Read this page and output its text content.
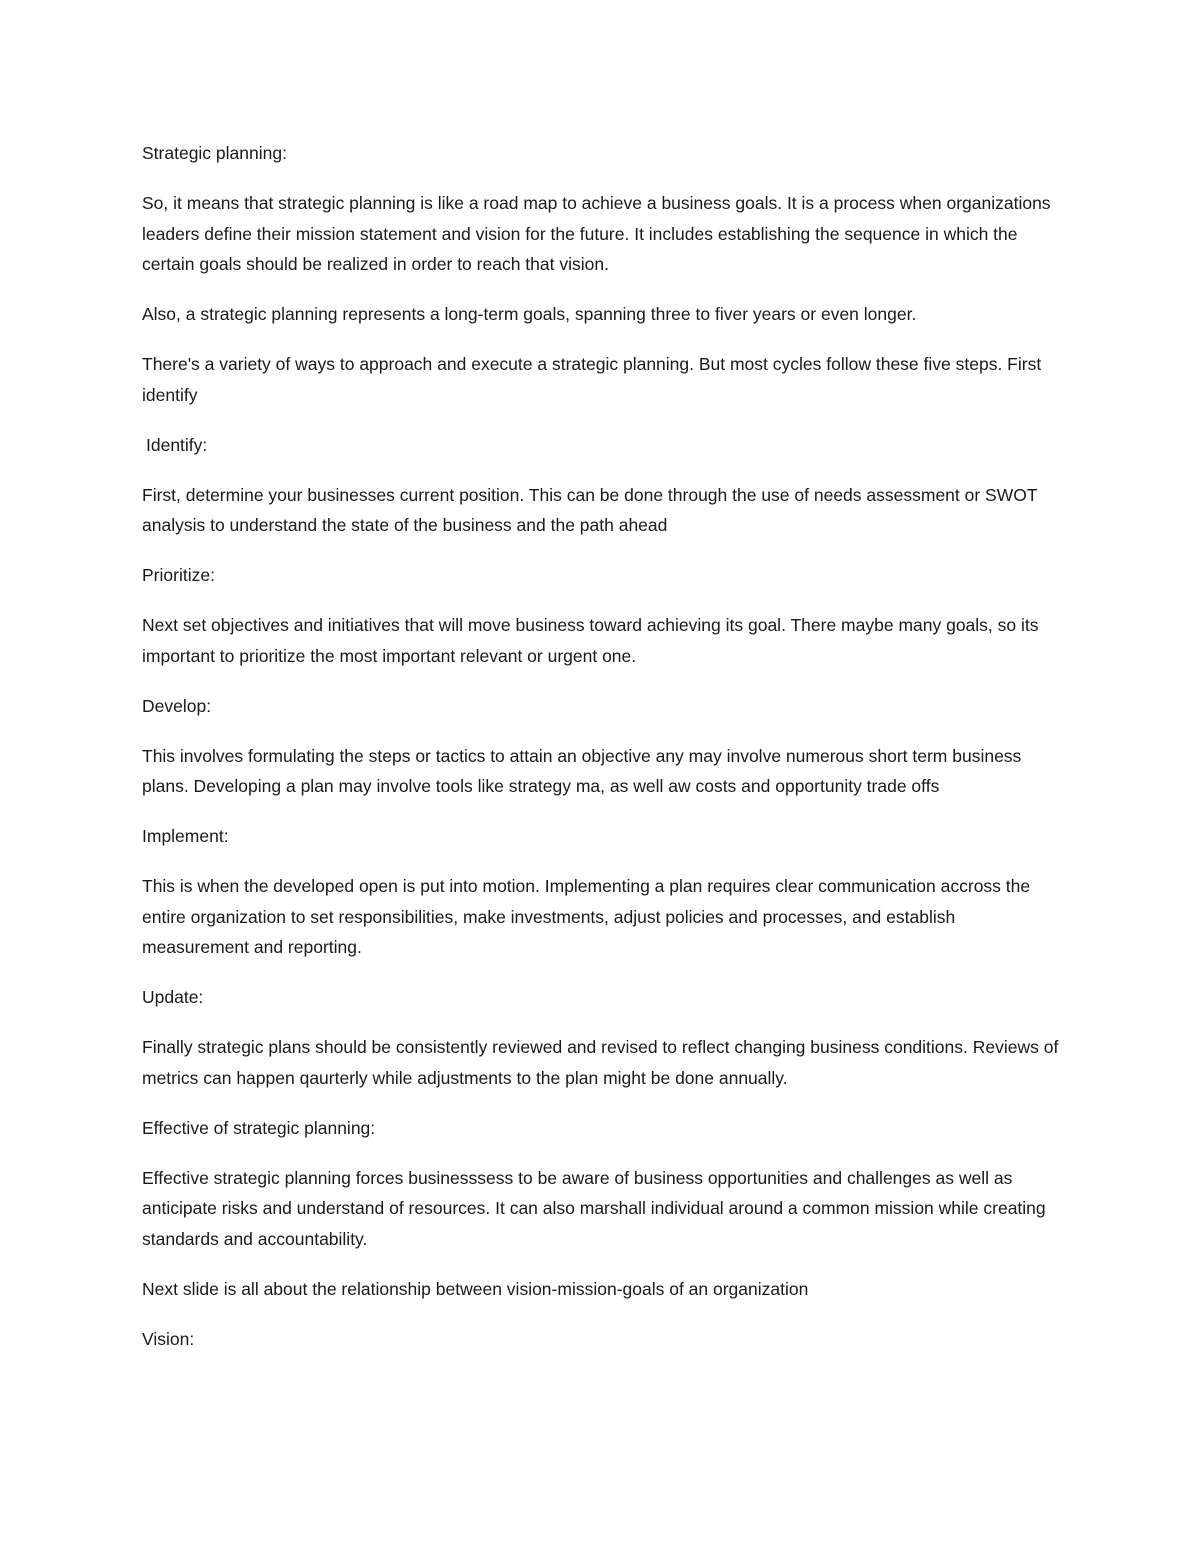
Strategic planning:

So, it means that strategic planning is like a road map to achieve a business goals. It is a process when organizations leaders define their mission statement and vision for the future. It includes establishing the sequence in which the certain goals should be realized in order to reach that vision.

Also, a strategic planning represents a long-term goals, spanning three to fiver years or even longer.

There's a variety of ways to approach and execute a strategic planning. But most cycles follow these five steps. First identify

Identify:

First, determine your businesses current position. This can be done through the use of needs assessment or SWOT analysis to understand the state of the business and the path ahead

Prioritize:

Next set objectives and initiatives that will move business toward achieving its goal. There maybe many goals, so its important to prioritize the most important relevant or urgent one.

Develop:

This involves formulating the steps or tactics to attain an objective any may involve numerous short term business plans. Developing a plan may involve tools like strategy ma, as well aw costs and opportunity trade offs

Implement:

This is when the developed open is put into motion. Implementing a plan requires clear communication accross the entire organization to set responsibilities, make investments, adjust policies and processes, and establish measurement and reporting.

Update:

Finally strategic plans should be consistently reviewed and revised to reflect changing business conditions. Reviews of metrics can happen qaurterly while adjustments to the plan might be done annually.

Effective of strategic planning:

Effective strategic planning forces businesssess to be aware of business opportunities and challenges as well as anticipate risks and understand of resources. It can also marshall individual around a common mission while creating standards and accountability.

Next slide is all about the relationship between vision-mission-goals of an organization

Vision:
